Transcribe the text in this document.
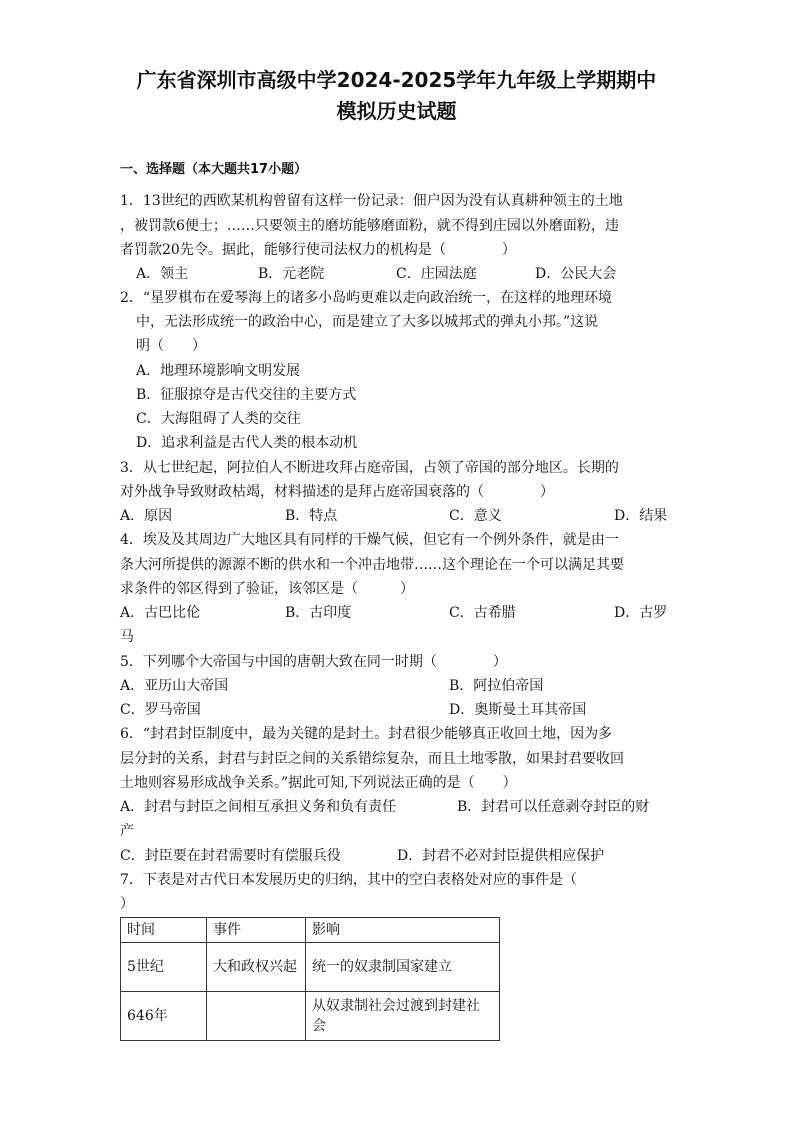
广东省深圳市高级中学2024-2025学年九年级上学期期中
模拟历史试题
一、选择题（本大题共17小题）
1．13世纪的西欧某机构曾留有这样一份记录：佃户因为没有认真耕种领主的土地
，被罚款6便士；……只要领主的磨坊能够磨面粉，就不得到庄园以外磨面粉，违
者罚款20先令。据此，能够行使司法权力的机构是（　　　　）
A．领主	B．元老院	C．庄园法庭	D．公民大会
2．“星罗棋布在爱琴海上的诸多小岛屿更难以走向政治统一，在这样的地理环境
中，无法形成统一的政治中心，而是建立了大多以城邦式的弹丸小邦。”这说
明（　　）
A．地理环境影响文明发展
B．征服掠夺是古代交往的主要方式
C．大海阻碍了人类的交往
D．追求利益是古代人类的根本动机
3．从七世纪起，阿拉伯人不断进攻拜占庭帝国，占领了帝国的部分地区。长期的
对外战争导致财政枯竭，材料描述的是拜占庭帝国衰落的（　　　　）
A．原因	B．特点	C．意义	D．结果
4．埃及及其周边广大地区具有同样的干燥气候，但它有一个例外条件，就是由一
条大河所提供的源源不断的供水和一个冲击地带……这个理论在一个可以满足其要
求条件的邻区得到了验证，该邻区是（　　　）
A．古巴比伦	B．古印度	C．古希腊	D．古罗
马
5．下列哪个大帝国与中国的唐朝大致在同一时期（　　　　）
A．亚历山大帝国	B．阿拉伯帝国
C．罗马帝国	D．奥斯曼土耳其帝国
6．“封君封臣制度中，最为关键的是封土。封君很少能够真正收回土地，因为多
层分封的关系，封君与封臣之间的关系错综复杂，而且土地零散，如果封君要收回
土地则容易形成战争关系。”据此可知,下列说法正确的是（　　）
A．封君与封臣之间相互承担义务和负有责任	B．封君可以任意剥夺封臣的财
产
C．封臣要在封君需要时有偿服兵役	D．封君不必对封臣提供相应保护
7．下表是对古代日本发展历史的归纳，其中的空白表格处对应的事件是（
）
时间	事件	影响
5世纪	大和政权兴起	统一的奴隶制国家建立
646年		从奴隶制社会过渡到封建社会
